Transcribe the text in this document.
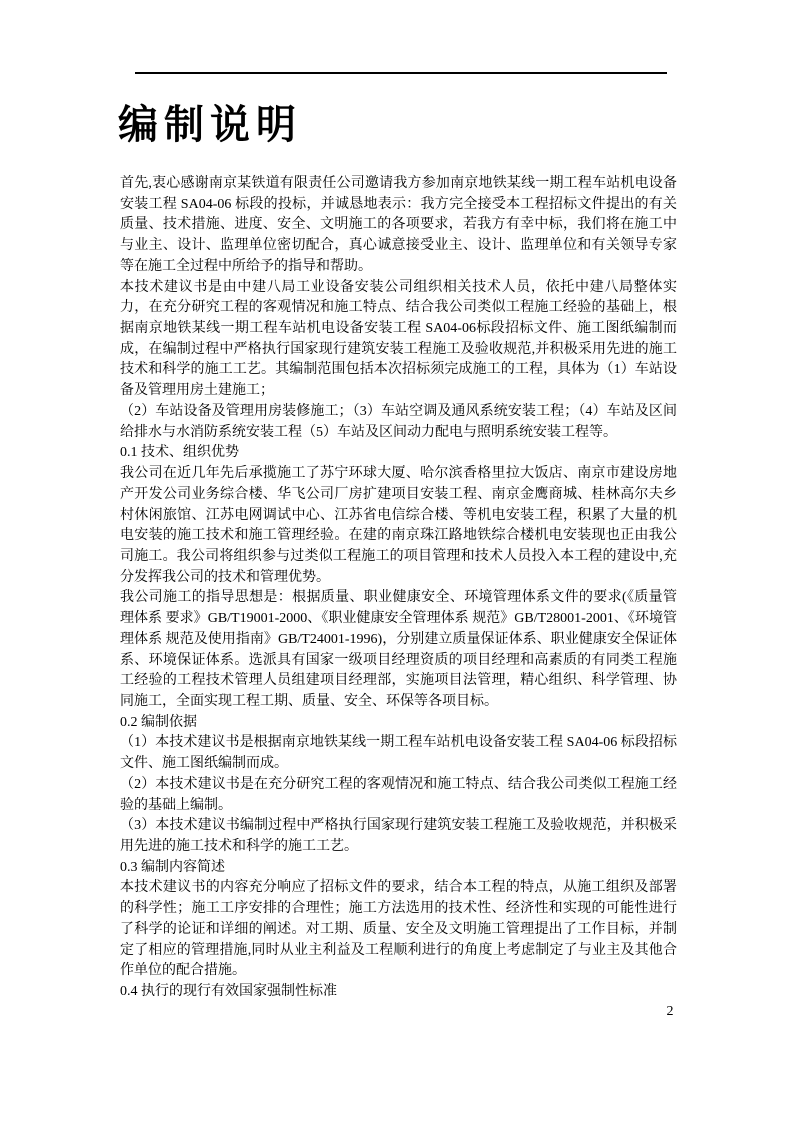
编制说明

首先,衷心感谢南京某铁道有限责任公司邀请我方参加南京地铁某线一期工程车站机电设备安装工程 SA04-06 标段的投标，并诚恳地表示：我方完全接受本工程招标文件提出的有关质量、技术措施、进度、安全、文明施工的各项要求，若我方有幸中标，我们将在施工中与业主、设计、监理单位密切配合，真心诚意接受业主、设计、监理单位和有关领导专家等在施工全过程中所给予的指导和帮助。

本技术建议书是由中建八局工业设备安装公司组织相关技术人员，依托中建八局整体实力，在充分研究工程的客观情况和施工特点、结合我公司类似工程施工经验的基础上，根据南京地铁某线一期工程车站机电设备安装工程 SA04-06标段招标文件、施工图纸编制而成，在编制过程中严格执行国家现行建筑安装工程施工及验收规范,并积极采用先进的施工技术和科学的施工工艺。其编制范围包括本次招标须完成施工的工程，具体为（1）车站设备及管理用房土建施工；

（2）车站设备及管理用房装修施工；（3）车站空调及通风系统安装工程；（4）车站及区间给排水与水消防系统安装工程（5）车站及区间动力配电与照明系统安装工程等。

0.1 技术、组织优势

我公司在近几年先后承揽施工了苏宁环球大厦、哈尔滨香格里拉大饭店、南京市建设房地产开发公司业务综合楼、华飞公司厂房扩建项目安装工程、南京金鹰商城、桂林高尔夫乡村休闲旅馆、江苏电网调试中心、江苏省电信综合楼、等机电安装工程，积累了大量的机电安装的施工技术和施工管理经验。在建的南京珠江路地铁综合楼机电安装现也正由我公司施工。我公司将组织参与过类似工程施工的项目管理和技术人员投入本工程的建设中,充分发挥我公司的技术和管理优势。

我公司施工的指导思想是：根据质量、职业健康安全、环境管理体系文件的要求(《质量管理体系 要求》GB/T19001-2000、《职业健康安全管理体系 规范》GB/T28001-2001、《环境管理体系 规范及使用指南》GB/T24001-1996)，分别建立质量保证体系、职业健康安全保证体系、环境保证体系。选派具有国家一级项目经理资质的项目经理和高素质的有同类工程施工经验的工程技术管理人员组建项目经理部，实施项目法管理，精心组织、科学管理、协同施工，全面实现工程工期、质量、安全、环保等各项目标。

0.2 编制依据

（1）本技术建议书是根据南京地铁某线一期工程车站机电设备安装工程 SA04-06 标段招标文件、施工图纸编制而成。

（2）本技术建议书是在充分研究工程的客观情况和施工特点、结合我公司类似工程施工经验的基础上编制。

（3）本技术建议书编制过程中严格执行国家现行建筑安装工程施工及验收规范，并积极采用先进的施工技术和科学的施工工艺。

0.3 编制内容简述

本技术建议书的内容充分响应了招标文件的要求，结合本工程的特点，从施工组织及部署的科学性；施工工序安排的合理性；施工方法选用的技术性、经济性和实现的可能性进行了科学的论证和详细的阐述。对工期、质量、安全及文明施工管理提出了工作目标，并制定了相应的管理措施,同时从业主利益及工程顺利进行的角度上考虑制定了与业主及其他合作单位的配合措施。

0.4 执行的现行有效国家强制性标准

2
